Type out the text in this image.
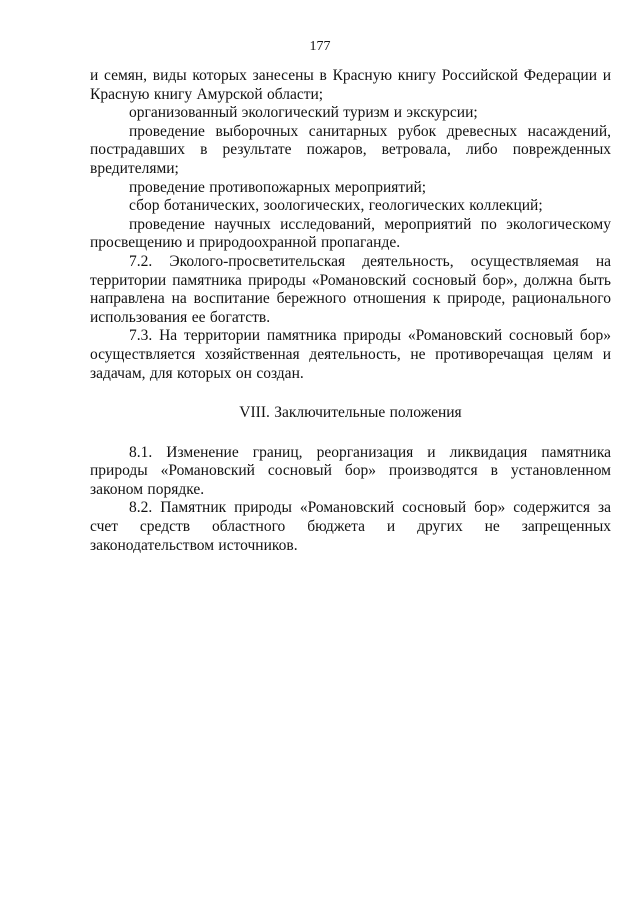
177

и семян, виды которых занесены в Красную книгу Российской Федерации и Красную книгу Амурской области;

организованный экологический туризм и экскурсии;

проведение выборочных санитарных рубок древесных насаждений, пострадавших в результате пожаров, ветровала, либо поврежденных вредителями;

проведение противопожарных мероприятий;

сбор ботанических, зоологических, геологических коллекций;

проведение научных исследований, мероприятий по экологическому просвещению и природоохранной пропаганде.

7.2. Эколого-просветительская деятельность, осуществляемая на территории памятника природы «Романовский сосновый бор», должна быть направлена на воспитание бережного отношения к природе, рационального использования ее богатств.

7.3. На территории памятника природы «Романовский сосновый бор» осуществляется хозяйственная деятельность, не противоречащая целям и задачам, для которых он создан.

VIII. Заключительные положения

8.1. Изменение границ, реорганизация и ликвидация памятника природы «Романовский сосновый бор» производятся в установленном законом порядке.

8.2. Памятник природы «Романовский сосновый бор» содержится за счет средств областного бюджета и других не запрещенных законодательством источников.
